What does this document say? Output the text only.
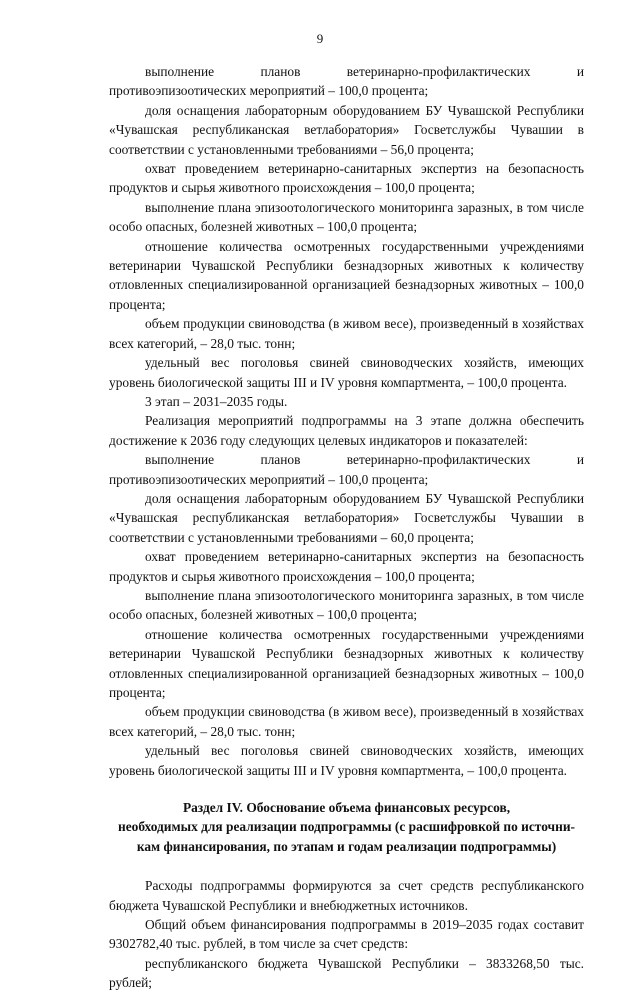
9

выполнение планов ветеринарно-профилактических и противоэпизоотических мероприятий – 100,0 процента;

доля оснащения лабораторным оборудованием БУ Чувашской Республики «Чувашская республиканская ветлаборатория» Госветслужбы Чувашии в соответствии с установленными требованиями – 56,0 процента;

охват проведением ветеринарно-санитарных экспертиз на безопасность продуктов и сырья животного происхождения – 100,0 процента;

выполнение плана эпизоотологического мониторинга заразных, в том числе особо опасных, болезней животных – 100,0 процента;

отношение количества осмотренных государственными учреждениями ветеринарии Чувашской Республики безнадзорных животных к количеству отловленных специализированной организацией безнадзорных животных – 100,0 процента;

объем продукции свиноводства (в живом весе), произведенный в хозяйствах всех категорий, – 28,0 тыс. тонн;

удельный вес поголовья свиней свиноводческих хозяйств, имеющих уровень биологической защиты III и IV уровня компартмента, – 100,0 процента.

3 этап – 2031–2035 годы.

Реализация мероприятий подпрограммы на 3 этапе должна обеспечить достижение к 2036 году следующих целевых индикаторов и показателей:

выполнение планов ветеринарно-профилактических и противоэпизоотических мероприятий – 100,0 процента;

доля оснащения лабораторным оборудованием БУ Чувашской Республики «Чувашская республиканская ветлаборатория» Госветслужбы Чувашии в соответствии с установленными требованиями – 60,0 процента;

охват проведением ветеринарно-санитарных экспертиз на безопасность продуктов и сырья животного происхождения – 100,0 процента;

выполнение плана эпизоотологического мониторинга заразных, в том числе особо опасных, болезней животных – 100,0 процента;

отношение количества осмотренных государственными учреждениями ветеринарии Чувашской Республики безнадзорных животных к количеству отловленных специализированной организацией безнадзорных животных – 100,0 процента;

объем продукции свиноводства (в живом весе), произведенный в хозяйствах всех категорий, – 28,0 тыс. тонн;

удельный вес поголовья свиней свиноводческих хозяйств, имеющих уровень биологической защиты III и IV уровня компартмента, – 100,0 процента.

Раздел IV. Обоснование объема финансовых ресурсов,
необходимых для реализации подпрограммы (с расшифровкой по источни-
кам финансирования, по этапам и годам реализации подпрограммы)

Расходы подпрограммы формируются за счет средств республиканского бюджета Чувашской Республики и внебюджетных источников.

Общий объем финансирования подпрограммы в 2019–2035 годах составит 9302782,40 тыс. рублей, в том числе за счет средств:

республиканского бюджета Чувашской Республики – 3833268,50 тыс. рублей;
